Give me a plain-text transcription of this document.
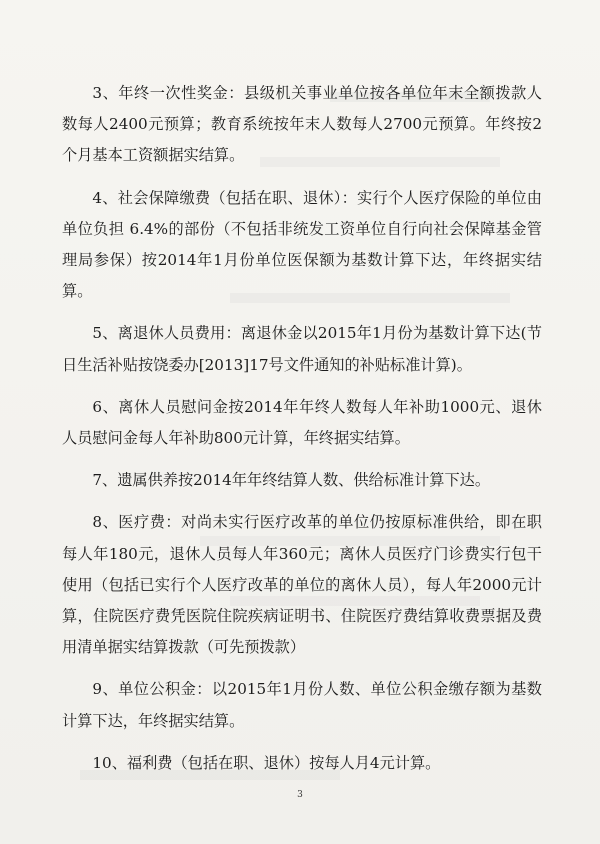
3、年终一次性奖金：县级机关事业单位按各单位年末全额拨款人数每人2400元预算；教育系统按年末人数每人2700元预算。年终按2个月基本工资额据实结算。

4、社会保障缴费（包括在职、退休）：实行个人医疗保险的单位由单位负担 6.4%的部份（不包括非统发工资单位自行向社会保障基金管理局参保）按2014年1月份单位医保额为基数计算下达，年终据实结算。

5、离退休人员费用：离退休金以2015年1月份为基数计算下达(节日生活补贴按饶委办[2013]17号文件通知的补贴标准计算)。

6、离休人员慰问金按2014年年终人数每人年补助1000元、退休人员慰问金每人年补助800元计算，年终据实结算。

7、遗属供养按2014年年终结算人数、供给标准计算下达。

8、医疗费：对尚未实行医疗改革的单位仍按原标准供给，即在职每人年180元，退休人员每人年360元；离休人员医疗门诊费实行包干使用（包括已实行个人医疗改革的单位的离休人员），每人年2000元计算，住院医疗费凭医院住院疾病证明书、住院医疗费结算收费票据及费用清单据实结算拨款（可先预拨款）

9、单位公积金：以2015年1月份人数、单位公积金缴存额为基数计算下达，年终据实结算。

10、福利费（包括在职、退休）按每人月4元计算。

3
